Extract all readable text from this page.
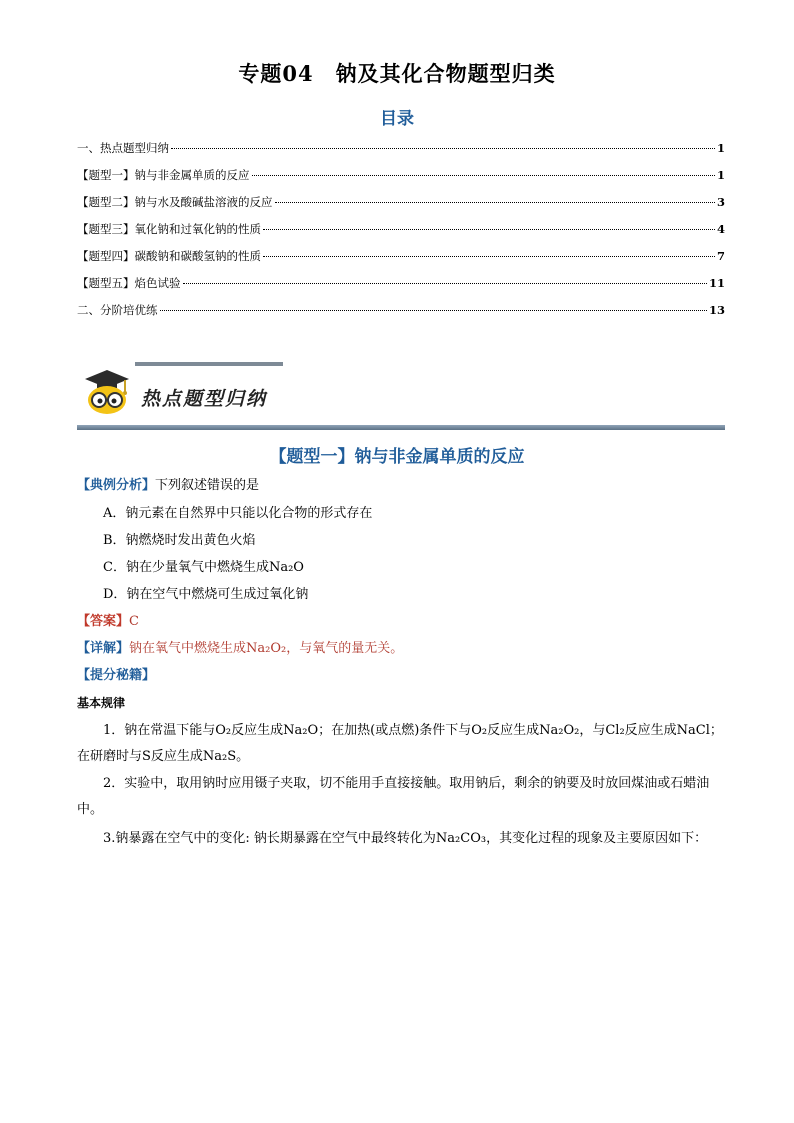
专题04　钠及其化合物题型归类
目录
一、热点题型归纳	1
【题型一】钠与非金属单质的反应	1
【题型二】钠与水及酸碱盐溶液的反应	3
【题型三】氧化钠和过氧化钠的性质	4
【题型四】碳酸钠和碳酸氢钠的性质	7
【题型五】焰色试验	11
二、分阶培优练	13
热点题型归纳
【题型一】钠与非金属单质的反应
【典例分析】下列叙述错误的是
A．钠元素在自然界中只能以化合物的形式存在
B．钠燃烧时发出黄色火焰
C．钠在少量氧气中燃烧生成Na₂O
D．钠在空气中燃烧可生成过氧化钠
【答案】C
【详解】钠在氧气中燃烧生成Na₂O₂，与氧气的量无关。
【提分秘籍】
基本规律
1．钠在常温下能与O₂反应生成Na₂O；在加热(或点燃)条件下与O₂反应生成Na₂O₂，与Cl₂反应生成NaCl；在研磨时与S反应生成Na₂S。
2．实验中，取用钠时应用镊子夹取，切不能用手直接接触。取用钠后，剩余的钠要及时放回煤油或石蜡油中。
3.钠暴露在空气中的变化: 钠长期暴露在空气中最终转化为Na₂CO₃，其变化过程的现象及主要原因如下：
